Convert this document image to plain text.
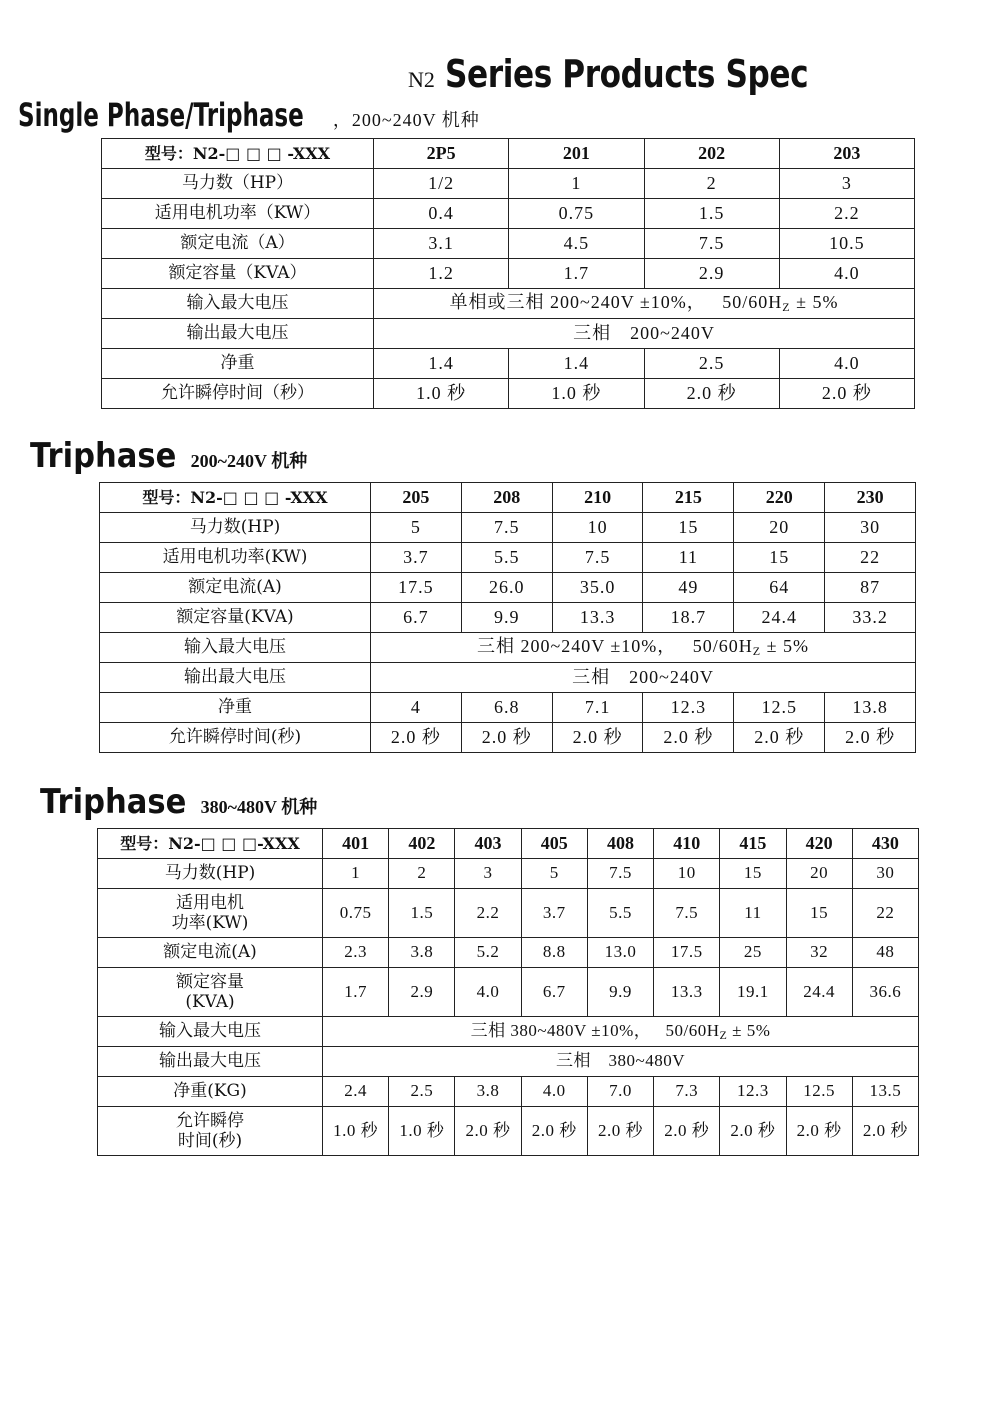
N2 Series Products Spec
Single Phase/Triphase ，200~240V 机种
型号：N2-□ □ □ -XXX	2P5	201	202	203
马力数（HP）	1/2	1	2	3
适用电机功率（KW）	0.4	0.75	1.5	2.2
额定电流（A）	3.1	4.5	7.5	10.5
额定容量（KVA）	1.2	1.7	2.9	4.0
输入最大电压	单相或三相 200~240V ±10%， $50/60H_Z \pm 5\%$			
输出最大电压	三相　200~240V			
净重	1.4	1.4	2.5	4.0
允许瞬停时间（秒）	1.0 秒	1.0 秒	2.0 秒	2.0 秒
Triphase 200~240V 机种
型号：N2-□ □ □ -XXX	205	208	210	215	220	230
马力数(HP)	5	7.5	10	15	20	30
适用电机功率(KW)	3.7	5.5	7.5	11	15	22
额定电流(A)	17.5	26.0	35.0	49	64	87
额定容量(KVA)	6.7	9.9	13.3	18.7	24.4	33.2
输入最大电压	三相 200~240V ±10%， $50/60H_Z \pm 5\%$					
输出最大电压	三相　200~240V					
净重	4	6.8	7.1	12.3	12.5	13.8
允许瞬停时间(秒)	2.0 秒	2.0 秒	2.0 秒	2.0 秒	2.0 秒	2.0 秒
Triphase 380~480V 机种
型号：N2-□ □ □-XXX	401	402	403	405	408	410	415	420	430
马力数(HP)	1	2	3	5	7.5	10	15	20	30
适用电机
功率(KW)	0.75	1.5	2.2	3.7	5.5	7.5	11	15	22
额定电流(A)	2.3	3.8	5.2	8.8	13.0	17.5	25	32	48
额定容量
(KVA)	1.7	2.9	4.0	6.7	9.9	13.3	19.1	24.4	36.6
输入最大电压	三相 380~480V ±10%， $50/60H_Z \pm 5\%$								
输出最大电压	三相　380~480V								
净重(KG)	2.4	2.5	3.8	4.0	7.0	7.3	12.3	12.5	13.5
允许瞬停
时间(秒)	1.0 秒	1.0 秒	2.0 秒	2.0 秒	2.0 秒	2.0 秒	2.0 秒	2.0 秒	2.0 秒
